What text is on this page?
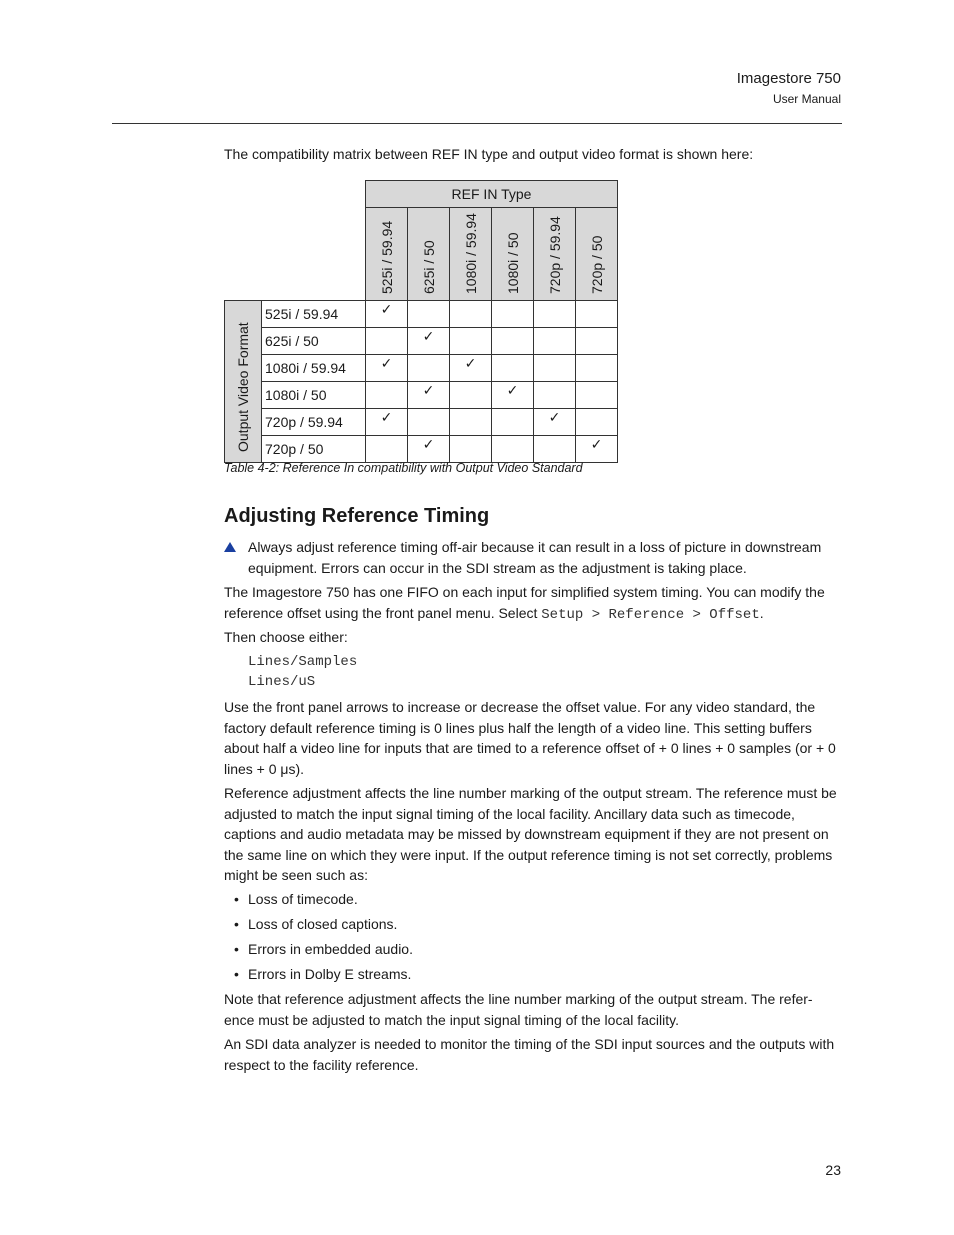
Imagestore 750
User Manual
The compatibility matrix between REF IN type and output video format is shown here:
		REF IN Type					

		525i / 59.94	625i / 50	1080i / 59.94	1080i / 50	720p / 59.94	720p / 50

Output Video Format	525i / 59.94	✓					
	625i / 50		✓				
	1080i / 59.94	✓		✓			
	1080i / 50		✓		✓		
	720p / 59.94	✓				✓	
	720p / 50		✓				✓
Table 4-2: Reference In compatibility with Output Video Standard
Adjusting Reference Timing
Always adjust reference timing off-air because it can result in a loss of picture in downstream equipment. Errors can occur in the SDI stream as the adjustment is taking place.
The Imagestore 750 has one FIFO on each input for simplified system timing. You can modify the reference offset using the front panel menu. Select Setup > Reference > Offset.
Then choose either:
Lines/Samples
Lines/uS
Use the front panel arrows to increase or decrease the offset value. For any video standard, the factory default reference timing is 0 lines plus half the length of a video line. This setting buffers about half a video line for inputs that are timed to a reference offset of + 0 lines + 0 samples (or + 0 lines + 0 μs).
Reference adjustment affects the line number marking of the output stream. The reference must be adjusted to match the input signal timing of the local facility. Ancillary data such as timecode, captions and audio metadata may be missed by downstream equipment if they are not present on the same line on which they were input. If the output reference timing is not set correctly, problems might be seen such as:
• Loss of timecode.
• Loss of closed captions.
• Errors in embedded audio.
• Errors in Dolby E streams.
Note that reference adjustment affects the line number marking of the output stream. The refer-ence must be adjusted to match the input signal timing of the local facility.
An SDI data analyzer is needed to monitor the timing of the SDI input sources and the outputs with respect to the facility reference.
23
